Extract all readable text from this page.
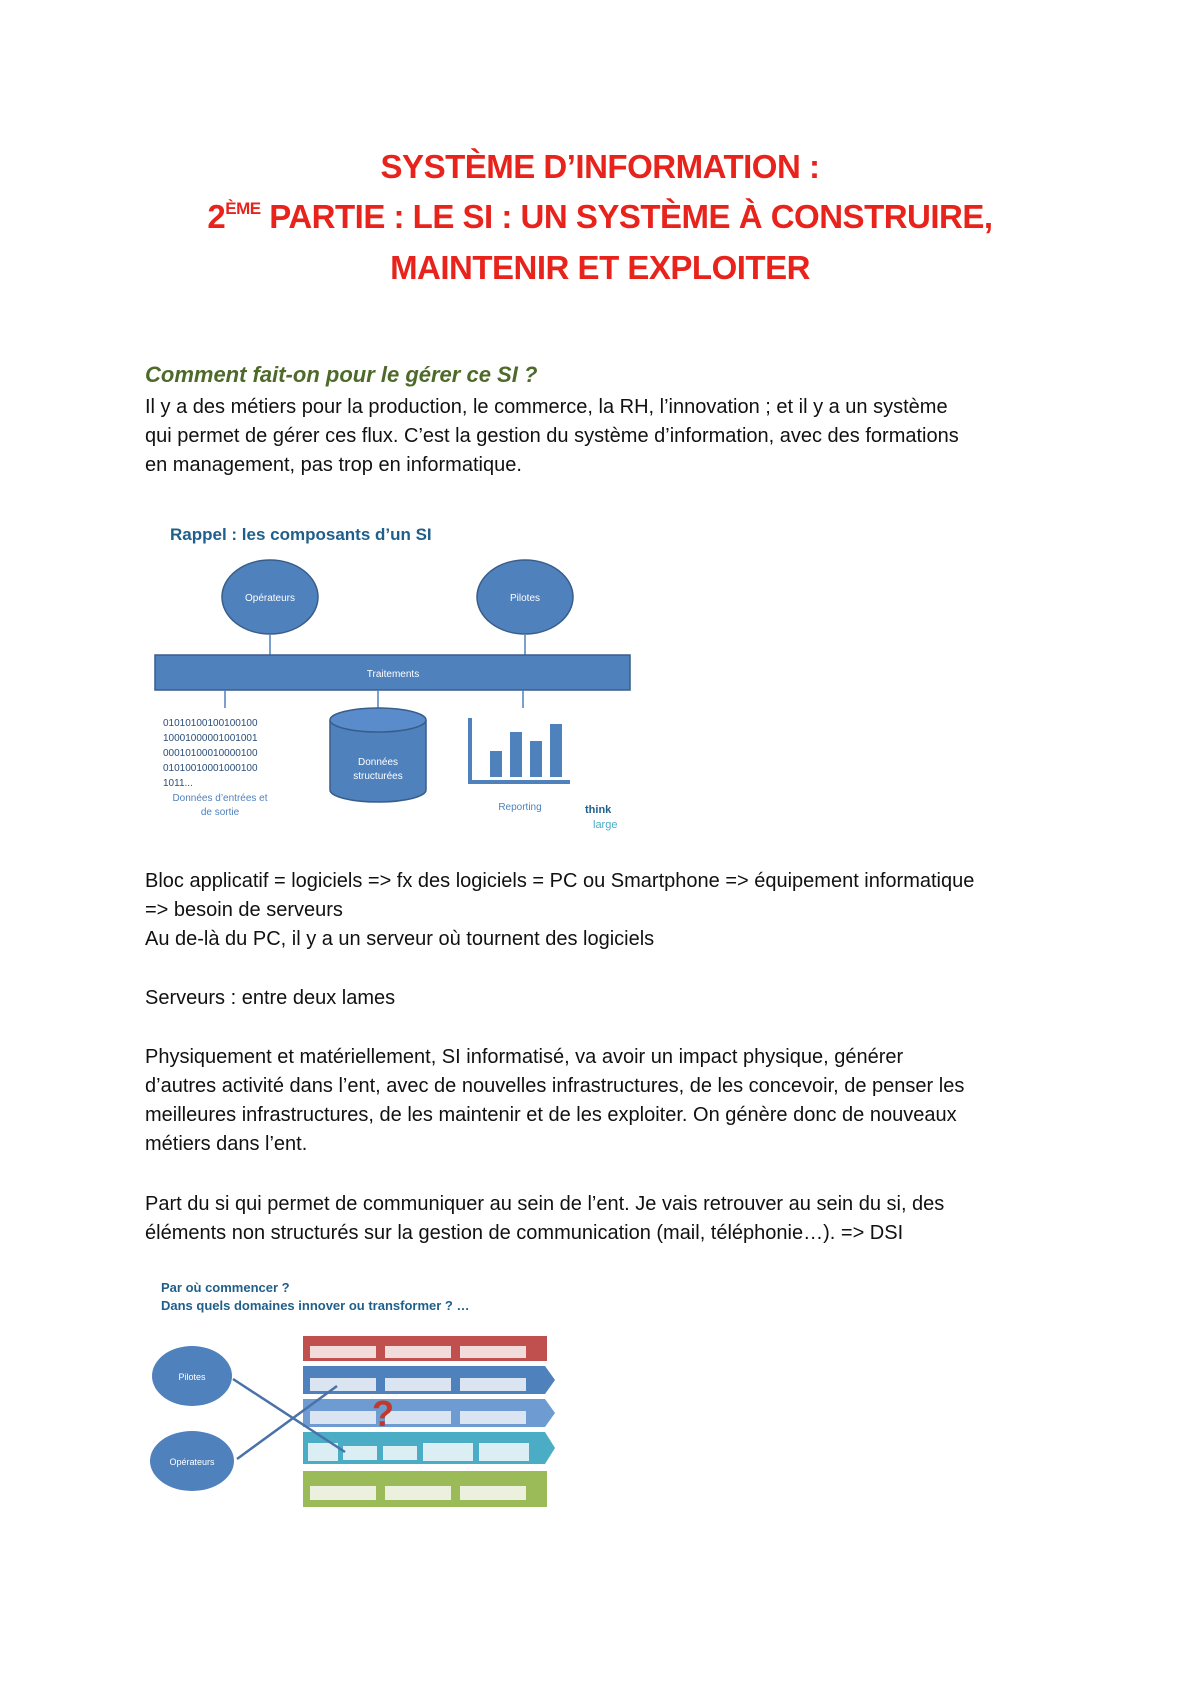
SYSTÈME D’INFORMATION :
2ÈME PARTIE : LE SI : UN SYSTÈME À CONSTRUIRE,
MAINTENIR ET EXPLOITER
Comment fait-on pour le gérer ce SI ?
Il y a des métiers pour la production, le commerce, la RH, l’innovation ; et il y a un système
qui permet de gérer ces flux. C’est la gestion du système d’information, avec des formations
en management, pas trop en informatique.
Rappel : les composants d’un SI
Opérateurs	Pilotes
Traitements
01010100100100100
10001000001001001
00010100010000100
01010010001000100
1011...
Données d’entrées et
de sortie
Données
structurées
Reporting	think
large
Bloc applicatif = logiciels => fx des logiciels = PC ou Smartphone => équipement informatique
=> besoin de serveurs
Au de-là du PC, il y a un serveur où tournent des logiciels
Serveurs : entre deux lames
Physiquement et matériellement, SI informatisé, va avoir un impact physique, générer
d’autres activité dans l’ent, avec de nouvelles infrastructures, de les concevoir, de penser les
meilleures infrastructures, de les maintenir et de les exploiter. On génère donc de nouveaux
métiers dans l’ent.
Part du si qui permet de communiquer au sein de l’ent. Je vais retrouver au sein du si, des
éléments non structurés sur la gestion de communication (mail, téléphonie…). => DSI
Par où commencer ?
Dans quels domaines innover ou transformer ? …
Pilotes
Opérateurs
?
